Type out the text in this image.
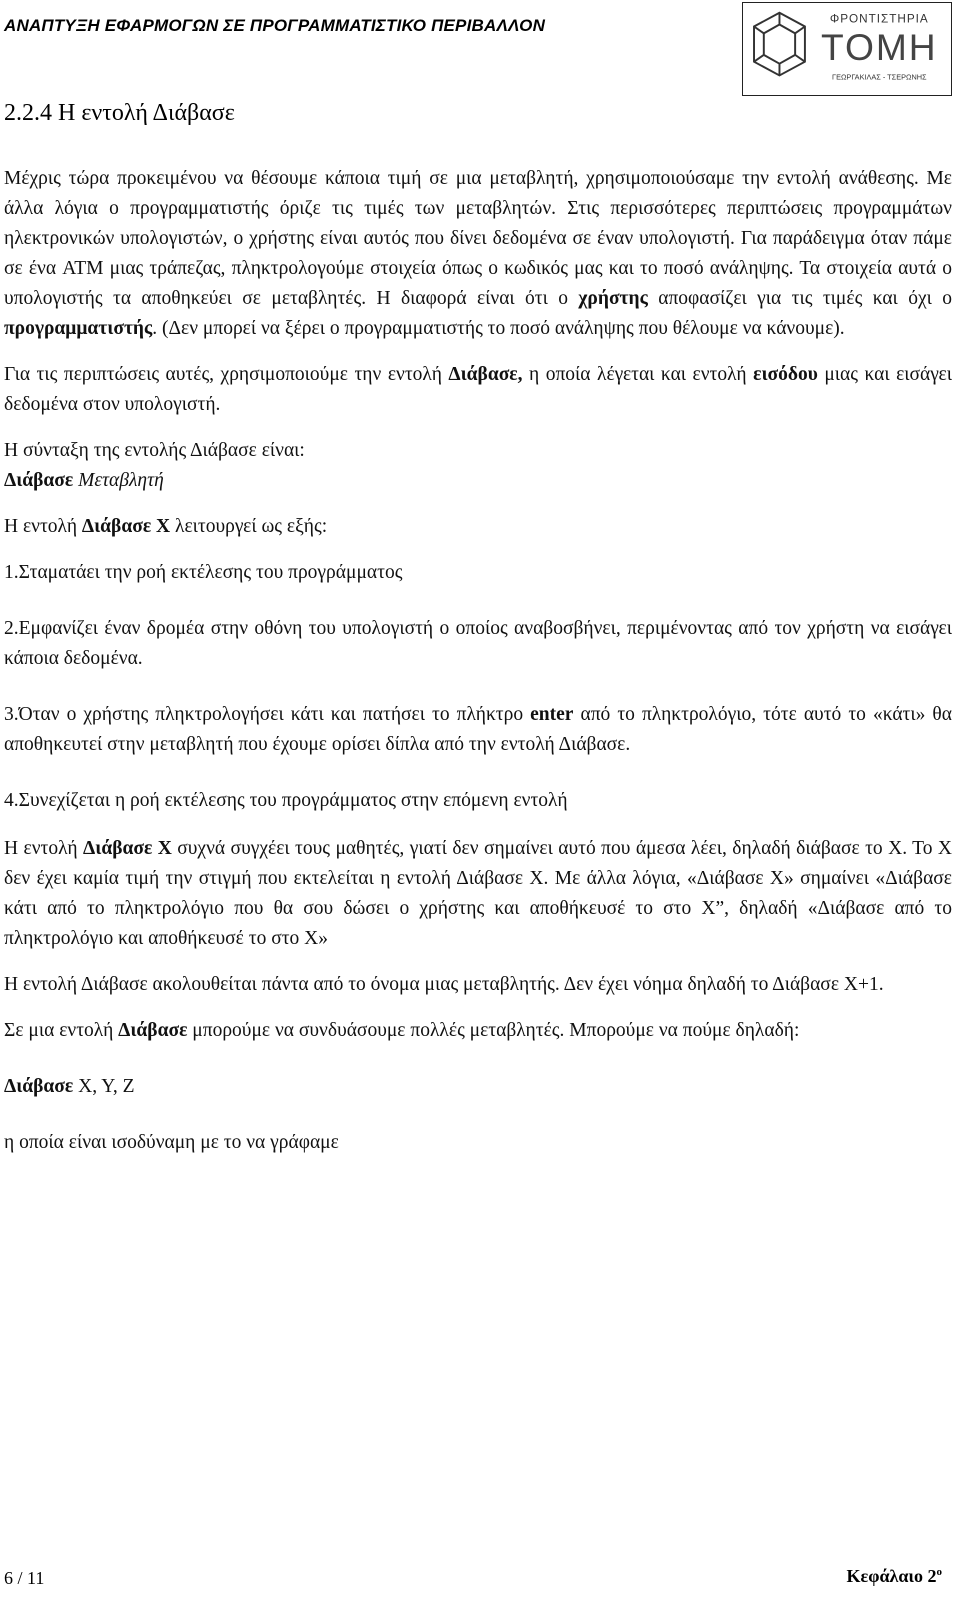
ΑΝΑΠΤΥΞΗ ΕΦΑΡΜΟΓΩΝ ΣΕ ΠΡΟΓΡΑΜΜΑΤΙΣΤΙΚΟ ΠΕΡΙΒΑΛΛΟΝ	ΦΡΟΝΤΙΣΤΗΡΙΑ
ΤΟΜΗ
ΓΕΩΡΓΑΚΙΛΑΣ - ΤΣΕΡΩΝΗΣ
2.2.4 Η εντολή Διάβασε

Μέχρις τώρα προκειμένου να θέσουμε κάποια τιμή σε μια μεταβλητή, χρησιμοποιούσαμε την εντολή ανάθεσης. Με άλλα λόγια ο προγραμματιστής όριζε τις τιμές των μεταβλητών. Στις περισσότερες περιπτώσεις προγραμμάτων ηλεκτρονικών υπολογιστών, ο χρήστης είναι αυτός που δίνει δεδομένα σε έναν υπολογιστή. Για παράδειγμα όταν πάμε σε ένα ATM μιας τράπεζας, πληκτρολογούμε στοιχεία όπως ο κωδικός μας και το ποσό ανάληψης. Τα στοιχεία αυτά ο υπολογιστής τα αποθηκεύει σε μεταβλητές. Η διαφορά είναι ότι ο χρήστης αποφασίζει για τις τιμές και όχι ο προγραμματιστής. (Δεν μπορεί να ξέρει ο προγραμματιστής το ποσό ανάληψης που θέλουμε να κάνουμε).

Για τις περιπτώσεις αυτές, χρησιμοποιούμε την εντολή Διάβασε, η οποία λέγεται και εντολή εισόδου μιας και εισάγει δεδομένα στον υπολογιστή.

Η σύνταξη της εντολής Διάβασε είναι:

Διάβασε Μεταβλητή

Η εντολή Διάβασε Χ λειτουργεί ως εξής:

1.Σταματάει την ροή εκτέλεσης του προγράμματος

2.Εμφανίζει έναν δρομέα στην οθόνη του υπολογιστή ο οποίος αναβοσβήνει, περιμένοντας από τον χρήστη να εισάγει κάποια δεδομένα.

3.Όταν ο χρήστης πληκτρολογήσει κάτι και πατήσει το πλήκτρο enter από το πληκτρολόγιο, τότε αυτό το «κάτι» θα αποθηκευτεί στην μεταβλητή που έχουμε ορίσει δίπλα από την εντολή Διάβασε.

4.Συνεχίζεται η ροή εκτέλεσης του προγράμματος στην επόμενη εντολή

Η εντολή Διάβασε Χ συχνά συγχέει τους μαθητές, γιατί δεν σημαίνει αυτό που άμεσα λέει, δηλαδή διάβασε το Χ. Το Χ δεν έχει καμία τιμή την στιγμή που εκτελείται η εντολή Διάβασε Χ. Με άλλα λόγια, «Διάβασε Χ» σημαίνει «Διάβασε κάτι από το πληκτρολόγιο που θα σου δώσει ο χρήστης και αποθήκευσέ το στο Χ”, δηλαδή «Διάβασε από το πληκτρολόγιο και αποθήκευσέ το στο Χ»

Η εντολή Διάβασε ακολουθείται πάντα από το όνομα μιας μεταβλητής. Δεν έχει νόημα δηλαδή το Διάβασε Χ+1.

Σε μια εντολή Διάβασε μπορούμε να συνδυάσουμε πολλές μεταβλητές. Μπορούμε να πούμε δηλαδή:

Διάβασε Χ, Υ, Ζ

η οποία είναι ισοδύναμη με το να γράφαμε

6 / 11	Κεφάλαιο $2^o$
